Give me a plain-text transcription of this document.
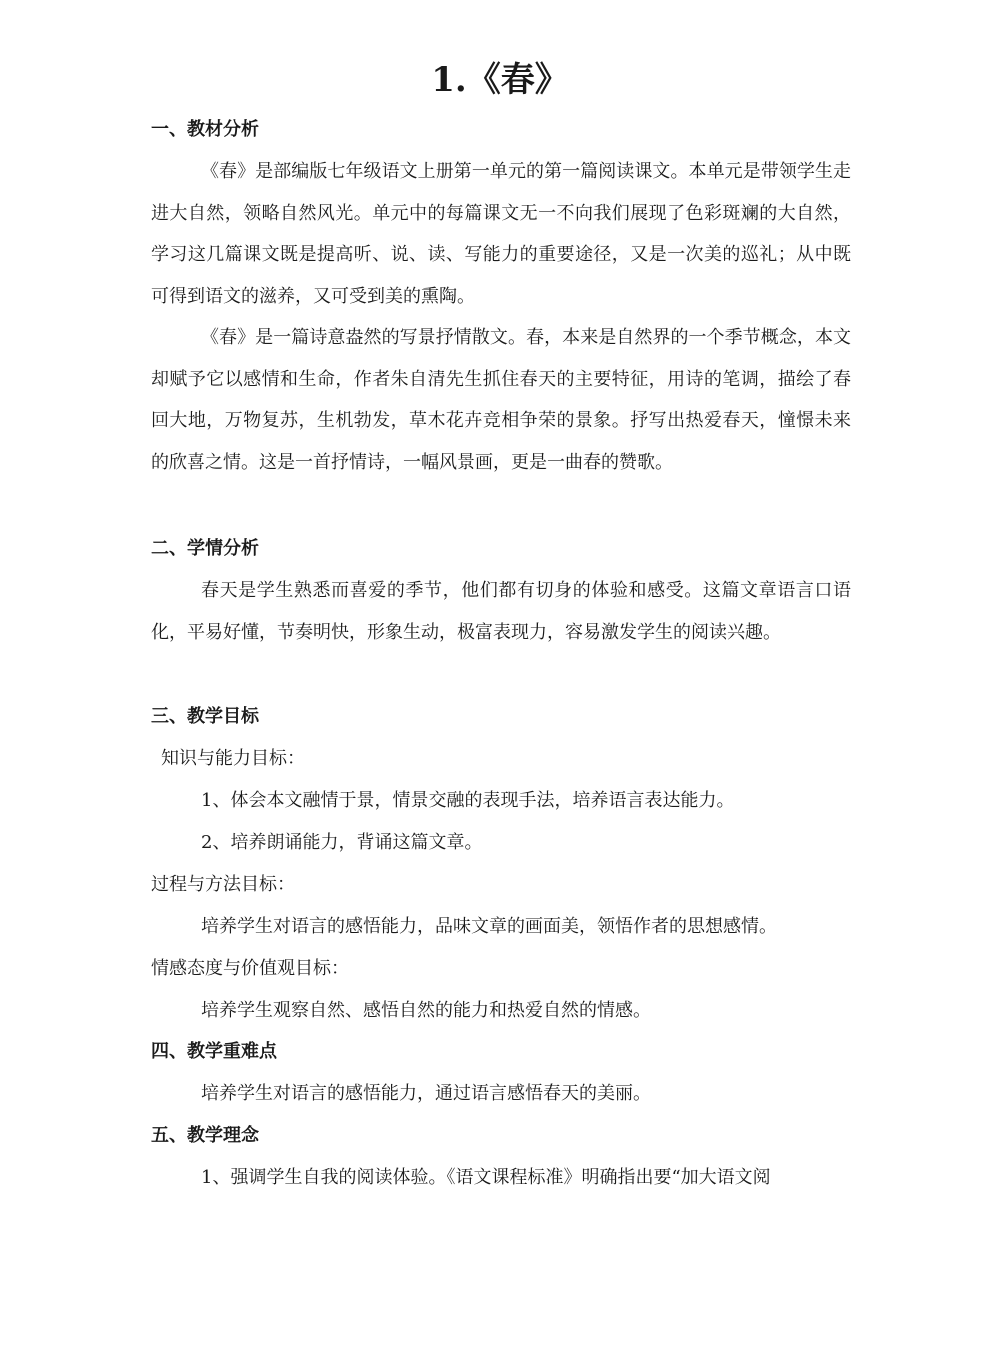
1.《春》
一、教材分析

《春》是部编版七年级语文上册第一单元的第一篇阅读课文。本单元是带领学生走进大自然，领略自然风光。单元中的每篇课文无一不向我们展现了色彩斑斓的大自然，学习这几篇课文既是提高听、说、读、写能力的重要途径，又是一次美的巡礼；从中既可得到语文的滋养，又可受到美的熏陶。

《春》是一篇诗意盎然的写景抒情散文。春，本来是自然界的一个季节概念，本文却赋予它以感情和生命，作者朱自清先生抓住春天的主要特征，用诗的笔调，描绘了春回大地，万物复苏，生机勃发，草木花卉竞相争荣的景象。抒写出热爱春天，憧憬未来的欣喜之情。这是一首抒情诗，一幅风景画，更是一曲春的赞歌。

二、学情分析

春天是学生熟悉而喜爱的季节，他们都有切身的体验和感受。这篇文章语言口语化，平易好懂，节奏明快，形象生动，极富表现力，容易激发学生的阅读兴趣。

三、教学目标

知识与能力目标：

1、体会本文融情于景，情景交融的表现手法，培养语言表达能力。

2、培养朗诵能力，背诵这篇文章。

过程与方法目标：

培养学生对语言的感悟能力，品味文章的画面美，领悟作者的思想感情。

情感态度与价值观目标：

培养学生观察自然、感悟自然的能力和热爱自然的情感。

四、教学重难点

培养学生对语言的感悟能力，通过语言感悟春天的美丽。

五、教学理念

1、强调学生自我的阅读体验。《语文课程标准》明确指出要“加大语文阅
